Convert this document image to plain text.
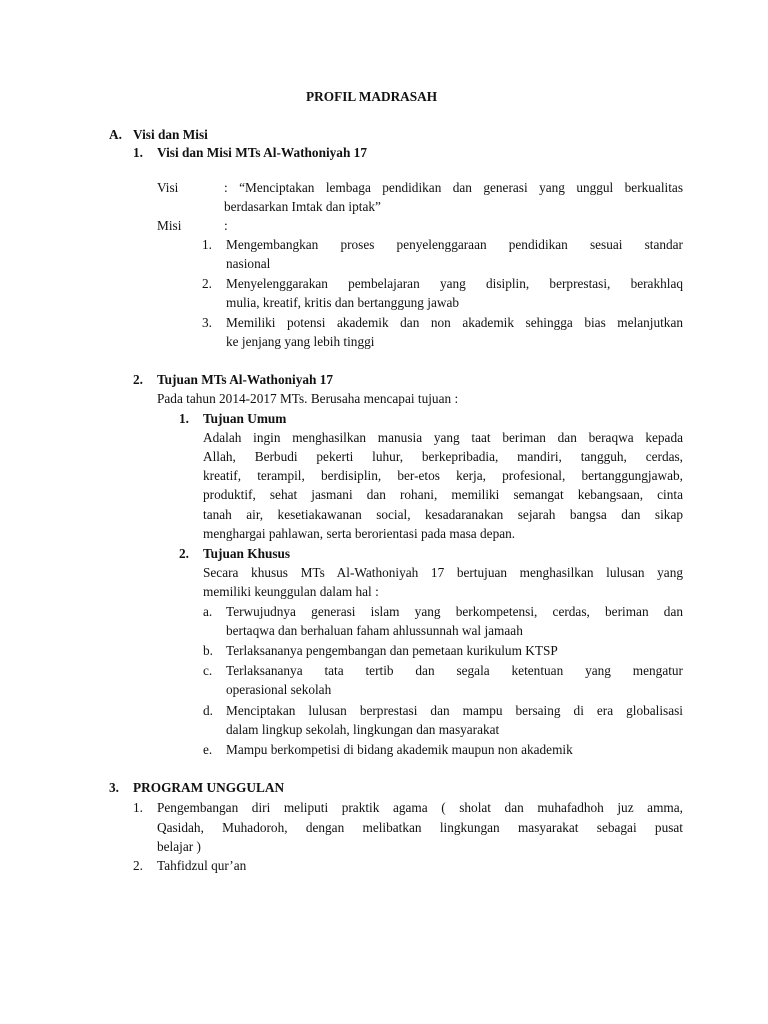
PROFIL MADRASAH
A. Visi dan Misi
1. Visi dan Misi MTs Al-Wathoniyah 17
Visi	: “Menciptakan lembaga pendidikan dan generasi yang unggul berkualitas
berdasarkan Imtak dan iptak”
Misi	:
1. Mengembangkan proses penyelenggaraan pendidikan sesuai standar
nasional
2. Menyelenggarakan pembelajaran yang disiplin, berprestasi, berakhlaq
mulia, kreatif, kritis dan bertanggung jawab
3. Memiliki potensi akademik dan non akademik sehingga bias melanjutkan
ke jenjang yang lebih tinggi
2. Tujuan MTs Al-Wathoniyah 17
Pada tahun 2014-2017 MTs. Berusaha mencapai tujuan :
1. Tujuan Umum
Adalah ingin menghasilkan manusia yang taat beriman dan beraqwa kepada
Allah, Berbudi pekerti luhur, berkepribadia, mandiri, tangguh, cerdas,
kreatif, terampil, berdisiplin, ber-etos kerja, profesional, bertanggungjawab,
produktif, sehat jasmani dan rohani, memiliki semangat kebangsaan, cinta
tanah air, kesetiakawanan social, kesadaranakan sejarah bangsa dan sikap
menghargai pahlawan, serta berorientasi pada masa depan.
2. Tujuan Khusus
Secara khusus MTs Al-Wathoniyah 17 bertujuan menghasilkan lulusan yang
memiliki keunggulan dalam hal :
a. Terwujudnya generasi islam yang berkompetensi, cerdas, beriman dan
bertaqwa dan berhaluan faham ahlussunnah wal jamaah
b. Terlaksananya pengembangan dan pemetaan kurikulum KTSP
c. Terlaksananya tata tertib dan segala ketentuan yang mengatur
operasional sekolah
d. Menciptakan lulusan berprestasi dan mampu bersaing di era globalisasi
dalam lingkup sekolah, lingkungan dan masyarakat
e. Mampu berkompetisi di bidang akademik maupun non akademik
3. PROGRAM UNGGULAN
1. Pengembangan diri meliputi praktik agama ( sholat dan muhafadhoh juz amma,
Qasidah, Muhadoroh, dengan melibatkan lingkungan masyarakat sebagai pusat
belajar )
2. Tahfidzul qur’an
